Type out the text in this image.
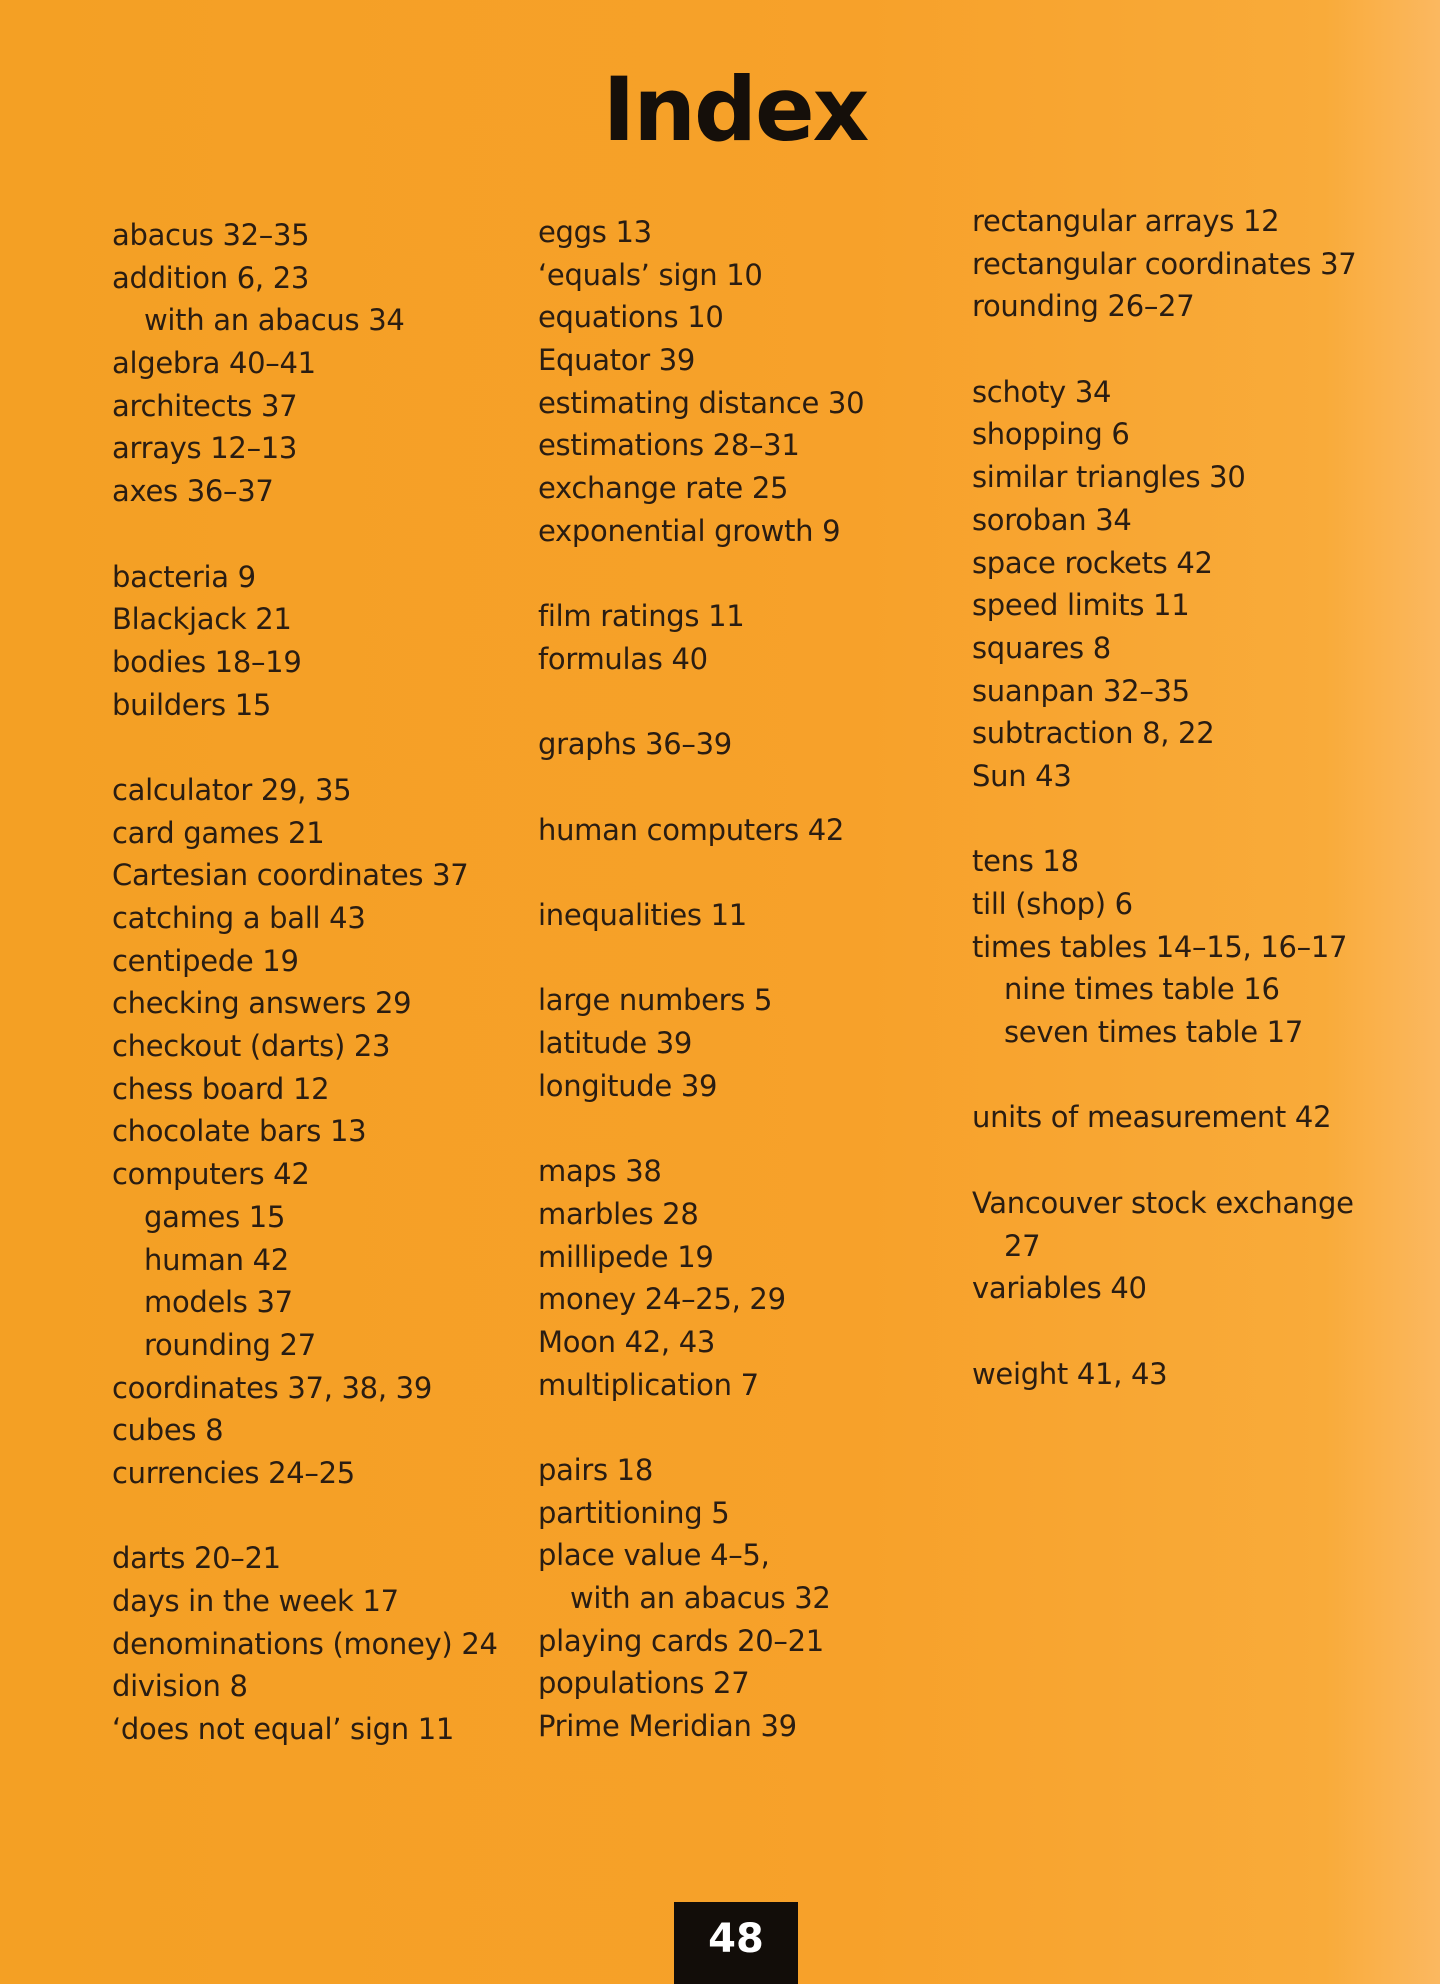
Index
abacus 32–35
addition 6, 23
with an abacus 34
algebra 40–41
architects 37
arrays 12–13
axes 36–37
bacteria 9
Blackjack 21
bodies 18–19
builders 15
calculator 29, 35
card games 21
Cartesian coordinates 37
catching a ball 43
centipede 19
checking answers 29
checkout (darts) 23
chess board 12
chocolate bars 13
computers 42
games 15
human 42
models 37
rounding 27
coordinates 37, 38, 39
cubes 8
currencies 24–25
darts 20–21
days in the week 17
denominations (money) 24
division 8
‘does not equal’ sign 11
eggs 13
‘equals’ sign 10
equations 10
Equator 39
estimating distance 30
estimations 28–31
exchange rate 25
exponential growth 9
film ratings 11
formulas 40
graphs 36–39
human computers 42
inequalities 11
large numbers 5
latitude 39
longitude 39
maps 38
marbles 28
millipede 19
money 24–25, 29
Moon 42, 43
multiplication 7
pairs 18
partitioning 5
place value 4–5,
with an abacus 32
playing cards 20–21
populations 27
Prime Meridian 39
rectangular arrays 12
rectangular coordinates 37
rounding 26–27
schoty 34
shopping 6
similar triangles 30
soroban 34
space rockets 42
speed limits 11
squares 8
suanpan 32–35
subtraction 8, 22
Sun 43
tens 18
till (shop) 6
times tables 14–15, 16–17
nine times table 16
seven times table 17
units of measurement 42
Vancouver stock exchange
27
variables 40
weight 41, 43
48
